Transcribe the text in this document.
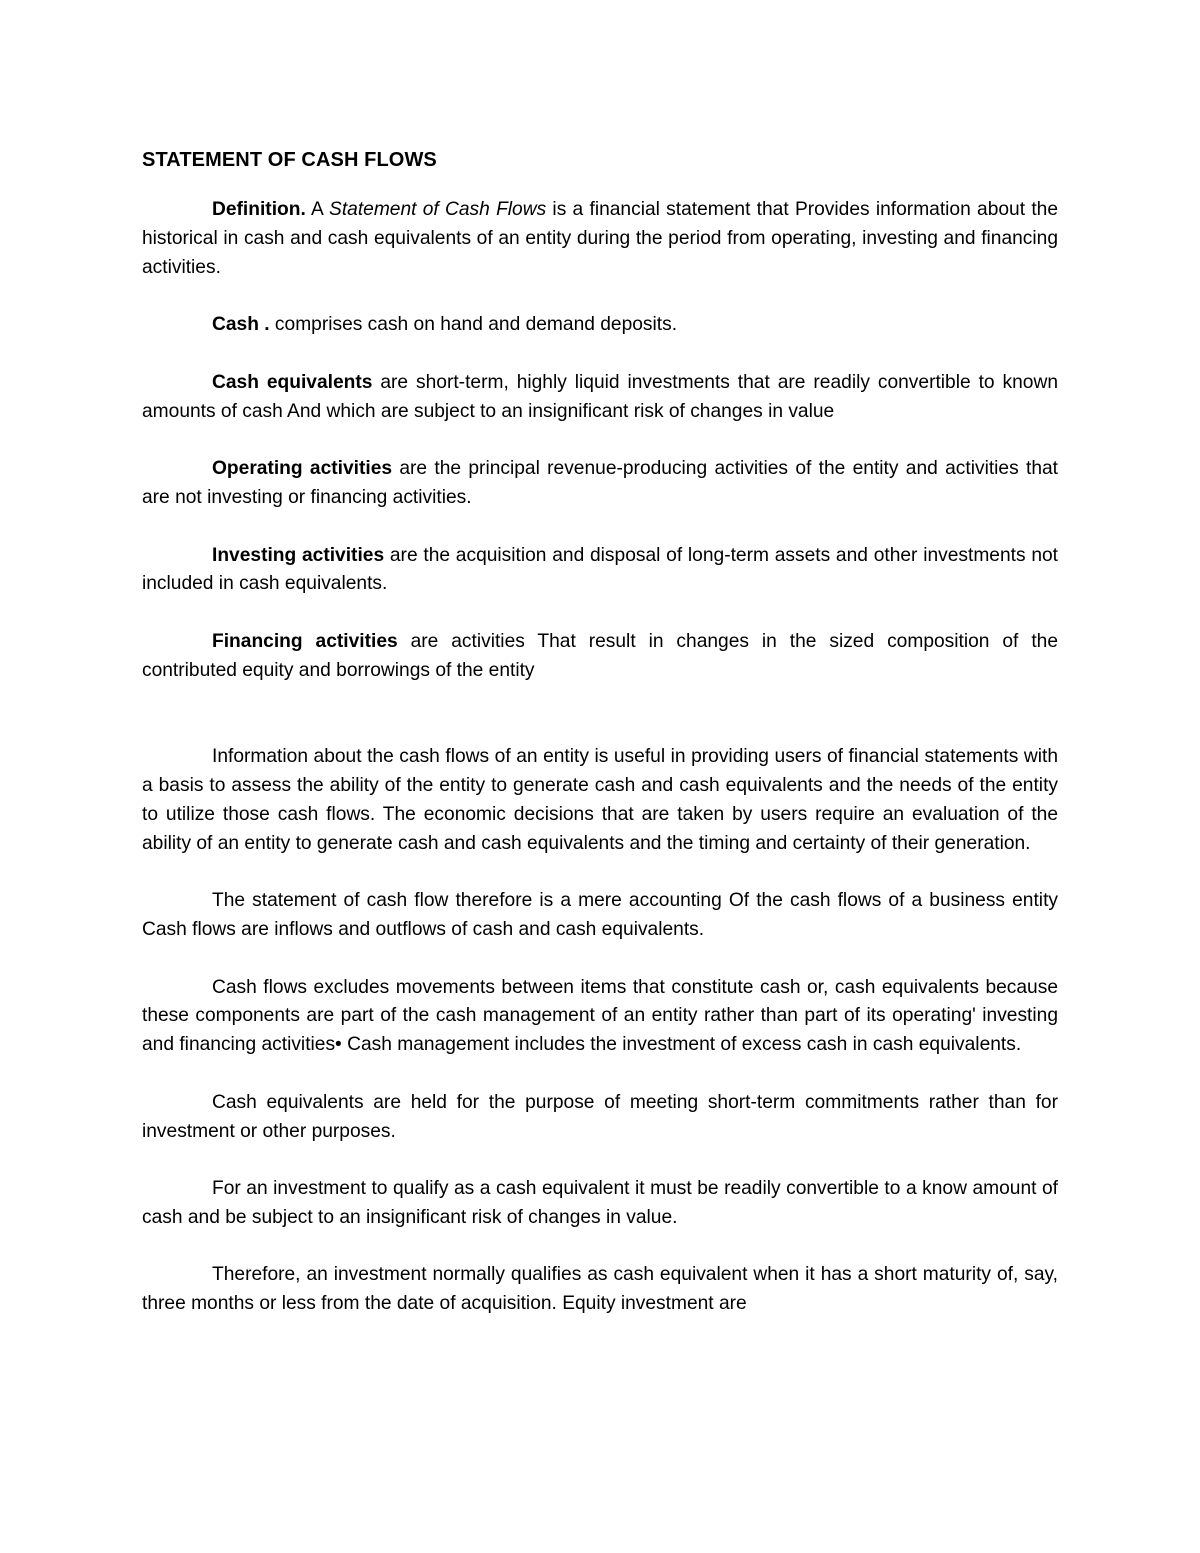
STATEMENT OF CASH FLOWS

Definition. A Statement of Cash Flows is a financial statement that Provides information about the historical in cash and cash equivalents of an entity during the period from operating, investing and financing activities.

Cash . comprises cash on hand and demand deposits.

Cash equivalents are short-term, highly liquid investments that are readily convertible to known amounts of cash And which are subject to an insignificant risk of changes in value

Operating activities are the principal revenue-producing activities of the entity and activities that are not investing or financing activities.

Investing activities are the acquisition and disposal of long-term assets and other investments not included in cash equivalents.

Financing activities are activities That result in changes in the sized composition of the contributed equity and borrowings of the entity

Information about the cash flows of an entity is useful in providing users of financial statements with a basis to assess the ability of the entity to generate cash and cash equivalents and the needs of the entity to utilize those cash flows. The economic decisions that are taken by users require an evaluation of the ability of an entity to generate cash and cash equivalents and the timing and certainty of their generation.

The statement of cash flow therefore is a mere accounting Of the cash flows of a business entity Cash flows are inflows and outflows of cash and cash equivalents.

Cash flows excludes movements between items that constitute cash or, cash equivalents because these components are part of the cash management of an entity rather than part of its operating' investing and financing activities• Cash management includes the investment of excess cash in cash equivalents.

Cash equivalents are held for the purpose of meeting short-term commitments rather than for investment or other purposes.

For an investment to qualify as a cash equivalent it must be readily convertible to a know amount of cash and be subject to an insignificant risk of changes in value.

Therefore, an investment normally qualifies as cash equivalent when it has a short maturity of, say, three months or less from the date of acquisition. Equity investment are
